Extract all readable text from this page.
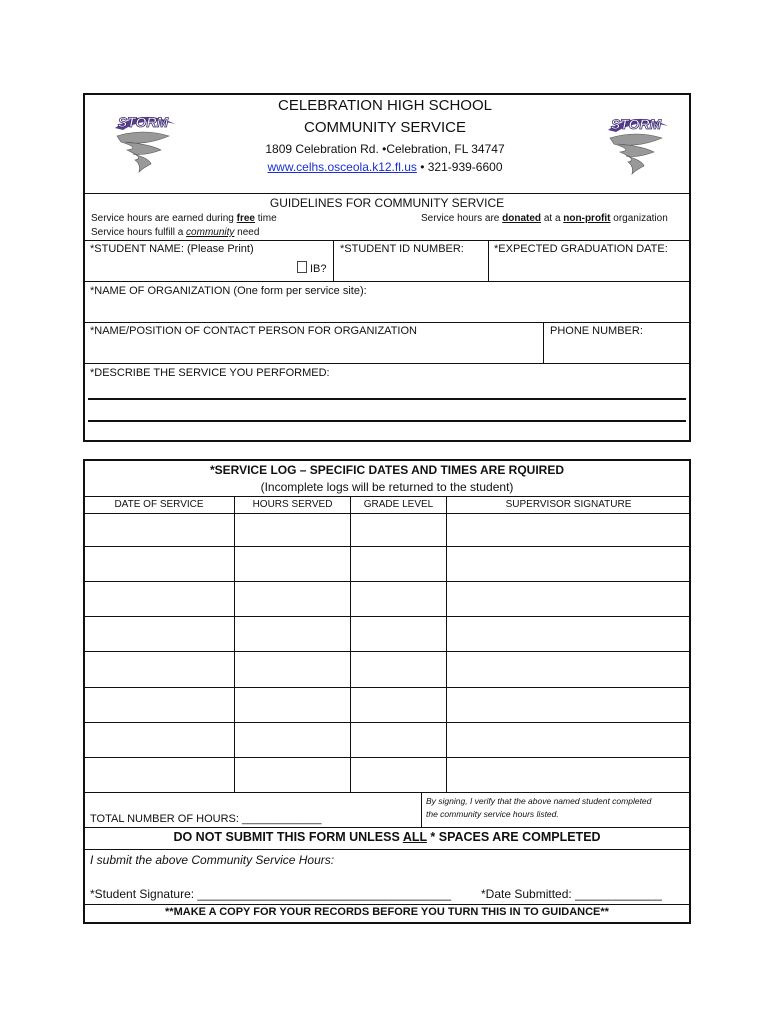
STORM	STORM
CELEBRATION HIGH SCHOOL
COMMUNITY SERVICE
1809 Celebration Rd. •Celebration, FL 34747
www.celhs.osceola.k12.fl.us • 321-939-6600
GUIDELINES FOR COMMUNITY SERVICE
Service hours are earned during free time	Service hours are donated at a non-profit organization
Service hours fulfill a community need
*STUDENT NAME: (Please Print)
IB?
*STUDENT ID NUMBER:	*EXPECTED GRADUATION DATE:
*NAME OF ORGANIZATION (One form per service site):
*NAME/POSITION OF CONTACT PERSON FOR ORGANIZATION	PHONE NUMBER:
*DESCRIBE THE SERVICE YOU PERFORMED:
*SERVICE LOG – SPECIFIC DATES AND TIMES ARE RQUIRED
(Incomplete logs will be returned to the student)
DATE OF SERVICE	HOURS SERVED	GRADE LEVEL	SUPERVISOR SIGNATURE
TOTAL NUMBER OF HOURS: _____________
By signing, I verify that the above named student completed
the community service hours listed.
DO NOT SUBMIT THIS FORM UNLESS ALL * SPACES ARE COMPLETED
I submit the above Community Service Hours:
*Student Signature: ______________________________________ *Date Submitted: _____________
**MAKE A COPY FOR YOUR RECORDS BEFORE YOU TURN THIS IN TO GUIDANCE**
